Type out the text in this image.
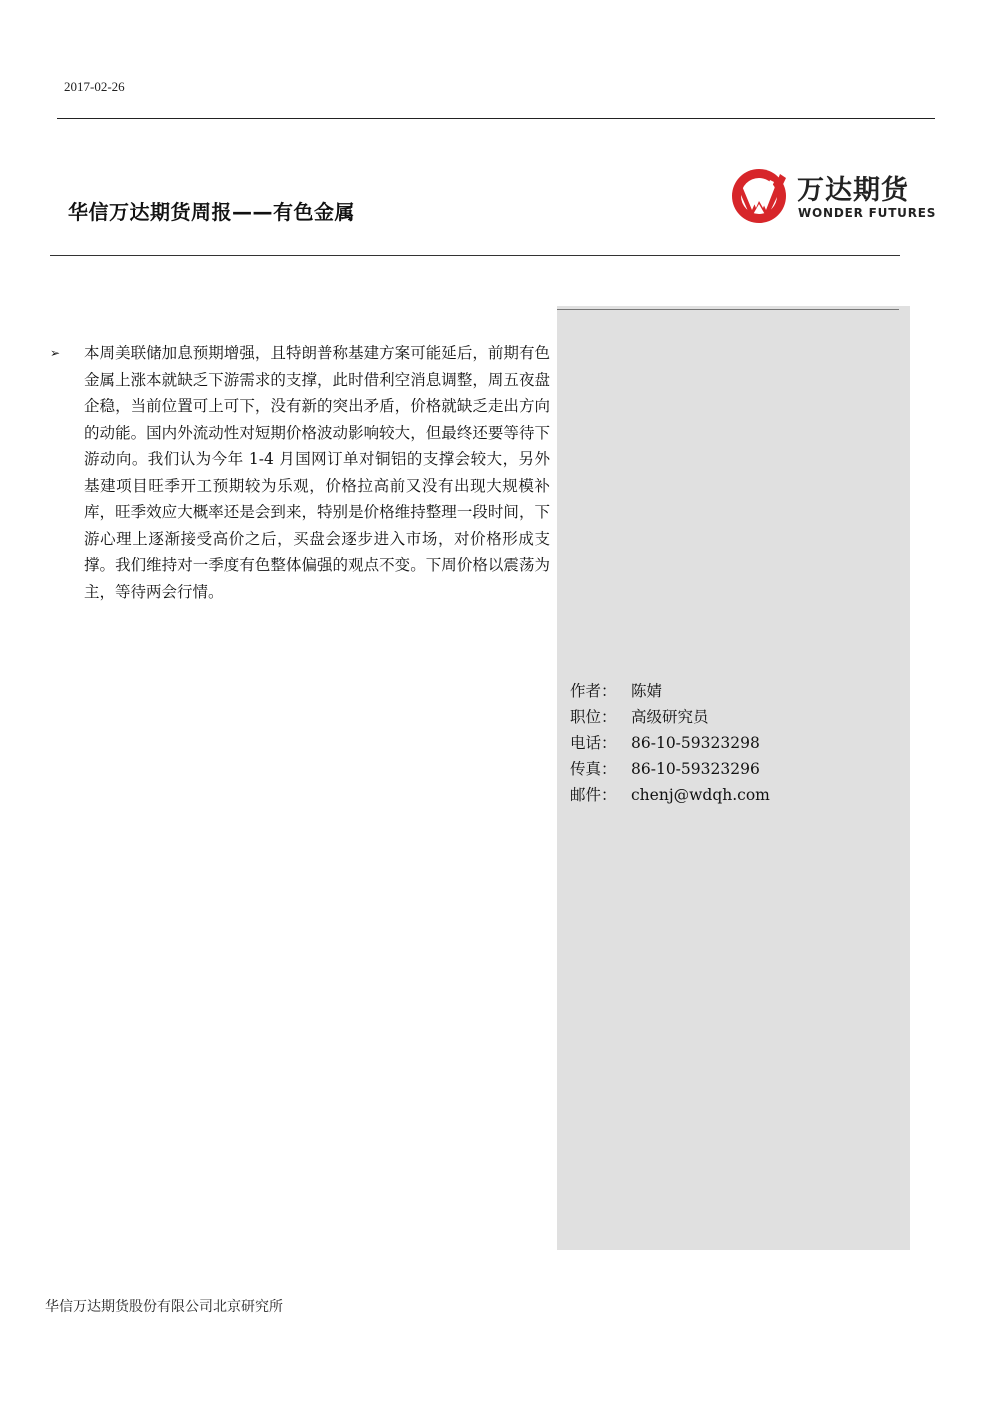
2017-02-26
华信万达期货周报——有色金属
万达期货
WONDER FUTURES
作者： 陈婧
职位： 高级研究员
电话： 86-10-59323298
传真： 86-10-59323296
邮件： chenj@wdqh.com
➢	本周美联储加息预期增强，且特朗普称基建方案可能延后，前期有色金属上涨本就缺乏下游需求的支撑，此时借利空消息调整，周五夜盘企稳，当前位置可上可下，没有新的突出矛盾，价格就缺乏走出方向的动能。国内外流动性对短期价格波动影响较大，但最终还要等待下游动向。我们认为今年 1-4 月国网订单对铜铝的支撑会较大，另外基建项目旺季开工预期较为乐观，价格拉高前又没有出现大规模补库，旺季效应大概率还是会到来，特别是价格维持整理一段时间，下游心理上逐渐接受高价之后，买盘会逐步进入市场，对价格形成支撑。我们维持对一季度有色整体偏强的观点不变。下周价格以震荡为主，等待两会行情。
华信万达期货股份有限公司北京研究所
